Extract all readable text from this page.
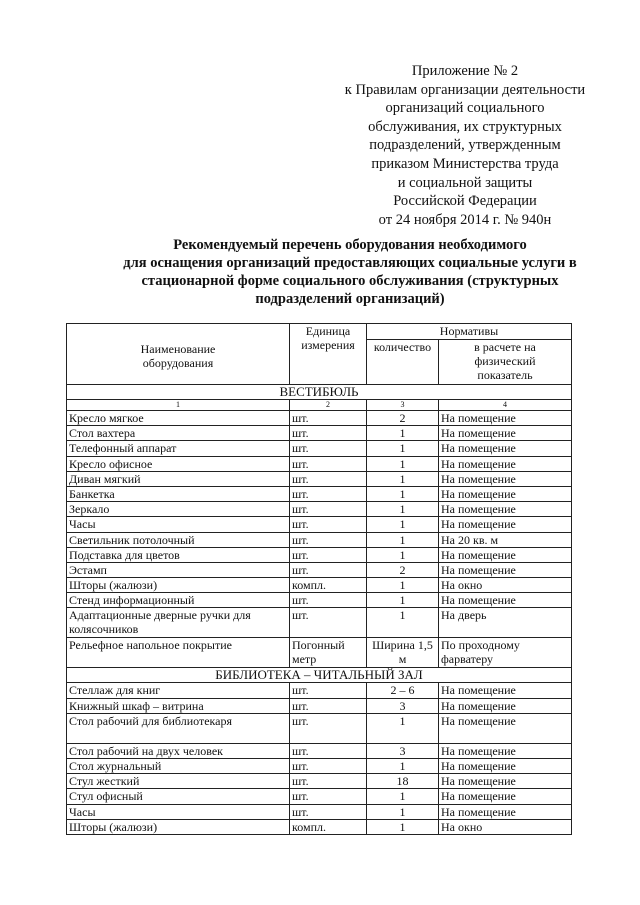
Приложение № 2
к Правилам организации деятельности
организаций социального
обслуживания, их структурных
подразделений, утвержденным
приказом Министерства труда
и социальной защиты
Российской Федерации
от 24 ноября 2014 г. № 940н
Рекомендуемый перечень оборудования необходимого
для оснащения организаций предоставляющих социальные услуги в
стационарной форме социального обслуживания (структурных
подразделений организаций)
Наименование оборудования	Единица измерения	Нормативы	
		количество	в расчете на физический показатель
ВЕСТИБЮЛЬ			
1	2	3	4
Кресло мягкое	шт.	2	На помещение
Стол вахтера	шт.	1	На помещение
Телефонный аппарат	шт.	1	На помещение
Кресло офисное	шт.	1	На помещение
Диван мягкий	шт.	1	На помещение
Банкетка	шт.	1	На помещение
Зеркало	шт.	1	На помещение
Часы	шт.	1	На помещение
Светильник потолочный	шт.	1	На 20 кв. м
Подставка для цветов	шт.	1	На помещение
Эстамп	шт.	2	На помещение
Шторы (жалюзи)	компл.	1	На окно
Стенд информационный	шт.	1	На помещение
Адаптационные дверные ручки для колясочников	шт.	1	На дверь
Рельефное напольное покрытие	Погонный метр	Ширина 1,5 м	По проходному фарватеру
БИБЛИОТЕКА – ЧИТАЛЬНЫЙ ЗАЛ			
Стеллаж для книг	шт.	2 – 6	На помещение
Книжный шкаф – витрина	шт.	3	На помещение
Стол рабочий для библиотекаря	шт.	1	На помещение
Стол рабочий на двух человек	шт.	3	На помещение
Стол журнальный	шт.	1	На помещение
Стул жесткий	шт.	18	На помещение
Стул офисный	шт.	1	На помещение
Часы	шт.	1	На помещение
Шторы (жалюзи)	компл.	1	На окно
